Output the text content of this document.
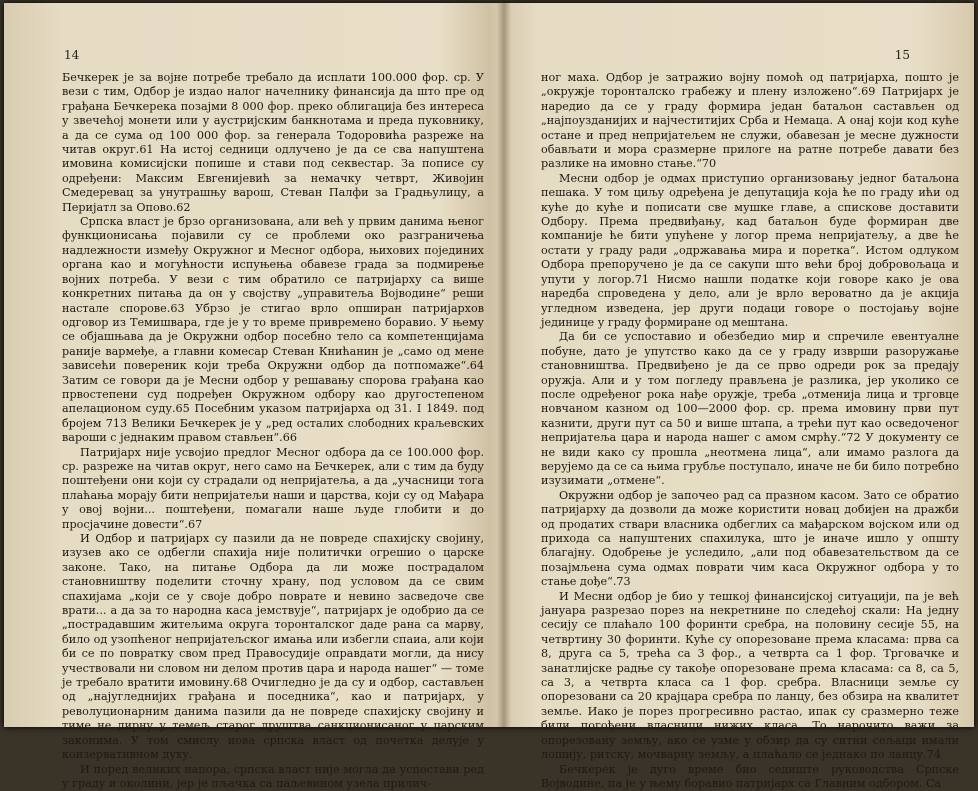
14

Бечкерек је за војне потребе требало да исплати 100.000 фор. ср. У вези с тим, Одбор је издао налог начелнику финансија да што пре од грађана Бечкерека позајми 8 000 фор. преко облигација без интереса у звечећој монети или у аустријским банкнотама и преда пуковнику, а да се сума од 100 000 фор. за генерала Тодоровића разреже на читав округ.61 На истој седници одлучено је да се сва напуштена имовина комисијски попише и стави под секвестар. За пописе су одређени: Максим Евгенијевић за немачку четврт, Живојин Смедеревац за унутрашњу варош, Стеван Палфи за Градњулицу, а Перијатл за Опово.62

Српска власт је брзо организована, али већ у првим данима њеног функционисања појавили су се проблеми око разграничења надлежности између Окружног и Месног одбора, њихових појединих органа као и могућности испуњења обавезе града за подмирење војних потреба. У вези с тим обратило се патријарху са више конкретних питања да он у својству „управитеља Војводине“ реши настале спорове.63 Убрзо је стигао врло опширан патријархов одговор из Темишвара, где је у то време привремено боравио. У њему се објашњава да је Окружни одбор посебно тело са компетенцијама раније вармеђе, а главни комесар Стеван Книћанин је „само од мене зависећи повереник који треба Окружни одбор да потпомаже“.64 Затим се говори да је Месни одбор у решавању спорова грађана као првостепени суд подређен Окружном одбору као другостепеном апелационом суду.65 Посебним указом патријарха од 31. I 1849. под бројем 713 Велики Бечкерек је у „ред осталих слободних краљевских вароши с једнаким правом стављен“.66

Патријарх није усвојио предлог Месног одбора да се 100.000 фор. ср. разреже на читав округ, него само на Бечкерек, али с тим да буду поштеђени они који су страдали од непријатеља, а да „учасници тога плаћања морају бити непријатељи наши и царства, који су од Мађара у овој војни... поштеђени, помагали наше људе глобити и до просјачине довести“.67

И Одбор и патријарх су пазили да не повреде спахијску својину, изузев ако се одбегли спахија није политички огрешио о царске законе. Тако, на питање Одбора да ли може пострадалом становништву поделити сточну храну, под условом да се свим спахијама „који се у своје добро поврате и невино засведоче све врати... а да за то народна каса јемствује“, патријарх је одобрио да се „пострадавшим житељима округа торонталског даде рана са марву, било од узопћеног непријатељског имања или избегли спаиа, али који би се по повратку свом пред Правосудије оправдати могли, да нису учествовали ни словом ни делом против цара и народа нашег“ — томе је требало вратити имовину.68 Очигледно је да су и одбор, састављен од „најугледнијих грађана и поседника“, као и патријарх, у револуционарним данима пазили да не повреде спахијску својину и тиме не дирну у темељ старог друштва санкционисаног у царским законима. У том смислу нова српска власт од почетка делује у конзервативном духу.

И поред великих напора, српска власт није могла да успостави ред у граду и околини, јер је пљачка са паљевином узела прилич-

15

ног маха. Одбор је затражио војну помоћ од патријарха, пошто је „окружје торонталско грабежу и плену изложено“.69 Патријарх је наредио да се у граду формира један батаљон састављен од „најпоузданијих и најчеститијих Срба и Немаца. А онај који код куће остане и пред непријатељем не служи, обавезан је месне дужности обављати и мора сразмерне прилоге на ратне потребе давати без разлике на имовно стање.“70

Месни одбор је одмах приступио организовању једног батаљона пешака. У том циљу одређена је депутација која ће по граду ићи од куће до куће и пописати све мушке главе, а спискове доставити Одбору. Према предвиђању, кад батаљон буде формиран две компаније ће бити упућене у логор према непријатељу, а две ће остати у граду ради „одржавања мира и поретка“. Истом одлуком Одбора препоручено је да се сакупи што већи број добровољаца и упути у логор.71 Нисмо нашли податке који говоре како је ова наредба спроведена у дело, али је врло вероватно да је акција угледном изведена, јер други подаци говоре о постојању војне јединице у граду формиране од мештана.

Да би се успоставио и обезбедио мир и спречиле евентуалне побуне, дато је упутство како да се у граду изврши разоружање становништва. Предвиђено је да се прво одреди рок за предају оружја. Али и у том погледу прављена је разлика, јер уколико се после одређеног рока нађе оружје, треба „отменија лица и трговце новчаном казном од 100—2000 фор. ср. према имовину први пут казнити, други пут са 50 и више штапа, а трећи пут као осведоченог непријатеља цара и народа нашег с амом смрћу.“72 У документу се не види како су прошла „неотмена лица“, али имамо разлога да верујемо да се са њима грубље поступало, иначе не би било потребно изузимати „отмене“.

Окружни одбор је започео рад са празном касом. Зато се обратио патријарху да дозволи да може користити новац добијен на дражби од продатих ствари власника одбеглих са мађарском војском или од прихода са напуштених спахилука, што је иначе ишло у општу благајну. Одобрење је уследило, „али под обавезательством да се позајмљена сума одмах поврати чим каса Окружног одбора у то стање дође“.73

И Месни одбор је био у тешкој финансијској ситуацији, па је већ јануара разрезао порез на некретнине по следећој скали: На једну сесију се плаћало 100 форинти сребра, на половину сесије 55, на четвртину 30 форинти. Куће су опорезоване према класама: прва са 8, друга са 5, трећа са 3 фор., а четврта са 1 фор. Трговачке и занатлијске радње су такође опорезоване према класама: са 8, са 5, са 3, а четврта класа са 1 фор. сребра. Власници земље су опорезовани са 20 крајцара сребра по ланцу, без обзира на квалитет земље. Иако је порез прогресивно растао, ипак су сразмерно теже били погођени власници нижих класа. То нарочито важи за опорезовану земљу, ако се узме у обзир да су ситни сељаци имали лошију, ритску, мочварну земљу, а плаћало се једнако по ланцу.74

Бечкерек је дуго време био седиште руководства Српске Војводине, па је у њему боравио патријарх са Главним одбором. Са
